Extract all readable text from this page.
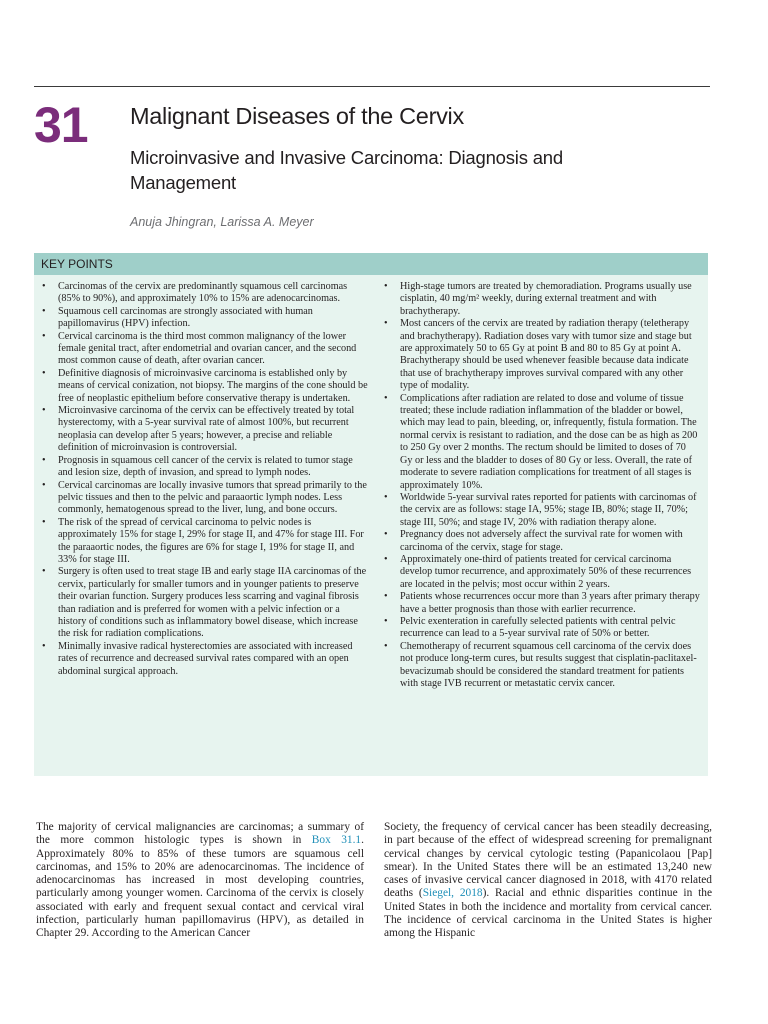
31 Malignant Diseases of the Cervix
Microinvasive and Invasive Carcinoma: Diagnosis and Management
Anuja Jhingran, Larissa A. Meyer
KEY POINTS
• Carcinomas of the cervix are predominantly squamous cell carcinomas (85% to 90%), and approximately 10% to 15% are adenocarcinomas.
• Squamous cell carcinomas are strongly associated with human papillomavirus (HPV) infection.
• Cervical carcinoma is the third most common malignancy of the lower female genital tract, after endometrial and ovarian cancer, and the second most common cause of death, after ovarian cancer.
• Definitive diagnosis of microinvasive carcinoma is established only by means of cervical conization, not biopsy. The margins of the cone should be free of neoplastic epithelium before conservative therapy is undertaken.
• Microinvasive carcinoma of the cervix can be effectively treated by total hysterectomy, with a 5-year survival rate of almost 100%, but recurrent neoplasia can develop after 5 years; however, a precise and reliable definition of microinvasion is controversial.
• Prognosis in squamous cell cancer of the cervix is related to tumor stage and lesion size, depth of invasion, and spread to lymph nodes.
• Cervical carcinomas are locally invasive tumors that spread primarily to the pelvic tissues and then to the pelvic and paraaortic lymph nodes. Less commonly, hematogenous spread to the liver, lung, and bone occurs.
• The risk of the spread of cervical carcinoma to pelvic nodes is approximately 15% for stage I, 29% for stage II, and 47% for stage III. For the paraaortic nodes, the figures are 6% for stage I, 19% for stage II, and 33% for stage III.
• Surgery is often used to treat stage IB and early stage IIA carcinomas of the cervix, particularly for smaller tumors and in younger patients to preserve their ovarian function. Surgery produces less scarring and vaginal fibrosis than radiation and is preferred for women with a pelvic infection or a history of conditions such as inflammatory bowel disease, which increase the risk for radiation complications.
• Minimally invasive radical hysterectomies are associated with increased rates of recurrence and decreased survival rates compared with an open abdominal surgical approach.
• High-stage tumors are treated by chemoradiation. Programs usually use cisplatin, 40 mg/m² weekly, during external treatment and with brachytherapy.
• Most cancers of the cervix are treated by radiation therapy (teletherapy and brachytherapy). Radiation doses vary with tumor size and stage but are approximately 50 to 65 Gy at point B and 80 to 85 Gy at point A. Brachytherapy should be used whenever feasible because data indicate that use of brachytherapy improves survival compared with any other type of modality.
• Complications after radiation are related to dose and volume of tissue treated; these include radiation inflammation of the bladder or bowel, which may lead to pain, bleeding, or, infrequently, fistula formation. The normal cervix is resistant to radiation, and the dose can be as high as 200 to 250 Gy over 2 months. The rectum should be limited to doses of 70 Gy or less and the bladder to doses of 80 Gy or less. Overall, the rate of moderate to severe radiation complications for treatment of all stages is approximately 10%.
• Worldwide 5-year survival rates reported for patients with carcinomas of the cervix are as follows: stage IA, 95%; stage IB, 80%; stage II, 70%; stage III, 50%; and stage IV, 20% with radiation therapy alone.
• Pregnancy does not adversely affect the survival rate for women with carcinoma of the cervix, stage for stage.
• Approximately one-third of patients treated for cervical carcinoma develop tumor recurrence, and approximately 50% of these recurrences are located in the pelvis; most occur within 2 years.
• Patients whose recurrences occur more than 3 years after primary therapy have a better prognosis than those with earlier recurrence.
• Pelvic exenteration in carefully selected patients with central pelvic recurrence can lead to a 5-year survival rate of 50% or better.
• Chemotherapy of recurrent squamous cell carcinoma of the cervix does not produce long-term cures, but results suggest that cisplatin-paclitaxel-bevacizumab should be considered the standard treatment for patients with stage IVB recurrent or metastatic cervix cancer.

The majority of cervical malignancies are carcinomas; a summary of the more common histologic types is shown in Box 31.1. Approximately 80% to 85% of these tumors are squamous cell carcinomas, and 15% to 20% are adenocarcinomas. The incidence of adenocarcinomas has increased in most developing countries, particularly among younger women. Carcinoma of the cervix is closely associated with early and frequent sexual contact and cervical viral infection, particularly human papillomavirus (HPV), as detailed in Chapter 29. According to the American Cancer

Society, the frequency of cervical cancer has been steadily decreasing, in part because of the effect of widespread screening for premalignant cervical changes by cervical cytologic testing (Papanicolaou [Pap] smear). In the United States there will be an estimated 13,240 new cases of invasive cervical cancer diagnosed in 2018, with 4170 related deaths (Siegel, 2018). Racial and ethnic disparities continue in the United States in both the incidence and mortality from cervical cancer. The incidence of cervical carcinoma in the United States is higher among the Hispanic
